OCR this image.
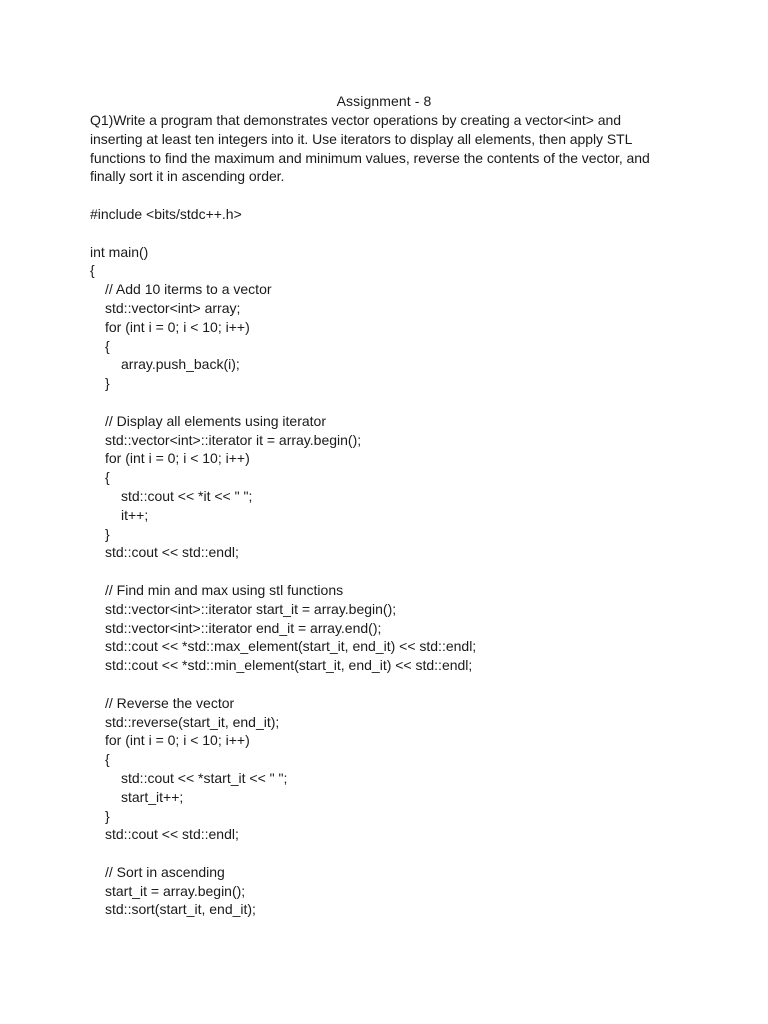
Assignment - 8
Q1)Write a program that demonstrates vector operations by creating a vector<int> and
inserting at least ten integers into it. Use iterators to display all elements, then apply STL
functions to find the maximum and minimum values, reverse the contents of the vector, and
finally sort it in ascending order.
#include <bits/stdc++.h>
int main()
{
// Add 10 iterms to a vector
std::vector<int> array;
for (int i = 0; i < 10; i++)
{
array.push_back(i);
}
// Display all elements using iterator
std::vector<int>::iterator it = array.begin();
for (int i = 0; i < 10; i++)
{
std::cout << *it << " ";
it++;
}
std::cout << std::endl;
// Find min and max using stl functions
std::vector<int>::iterator start_it = array.begin();
std::vector<int>::iterator end_it = array.end();
std::cout << *std::max_element(start_it, end_it) << std::endl;
std::cout << *std::min_element(start_it, end_it) << std::endl;
// Reverse the vector
std::reverse(start_it, end_it);
for (int i = 0; i < 10; i++)
{
std::cout << *start_it << " ";
start_it++;
}
std::cout << std::endl;
// Sort in ascending
start_it = array.begin();
std::sort(start_it, end_it);
